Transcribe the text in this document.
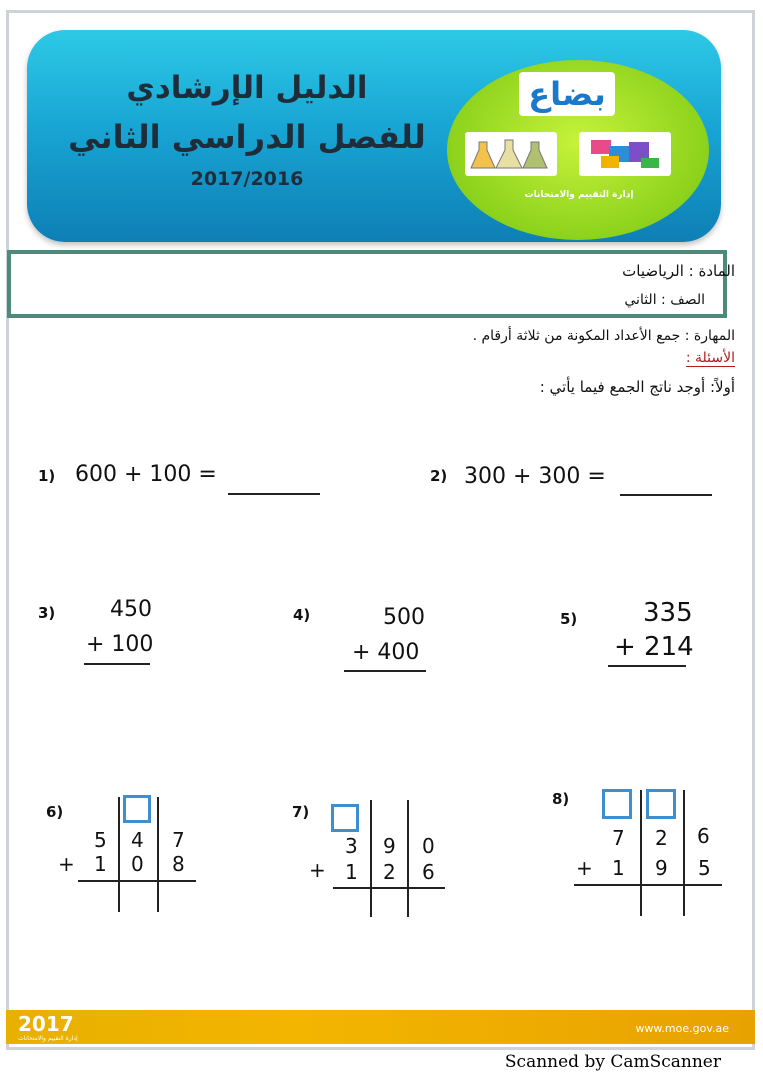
الدليل الإرشادي
للفصل الدراسي الثاني
2017/2016
بضاع
إدارة التقييم والامتحانات
المادة : الرياضيات
الصف : الثاني
المهارة : جمع الأعداد المكونة من ثلاثة أرقام .
الأسئلة :
أولاً: أوجد ناتج الجمع فيما يأتي :
1) 600 + 100 =	2) 300 + 300 =
3) 450
+ 100
4)	500
+ 400
5)	335
+ 214
6)
5 4 7
+ 1 0 8
7)
3 9 0
+ 1 2 6
8)
7 2 6
+ 1 9 5
2017
إدارة التقييم والامتحانات
www.moe.gov.ae
Scanned by CamScanner
